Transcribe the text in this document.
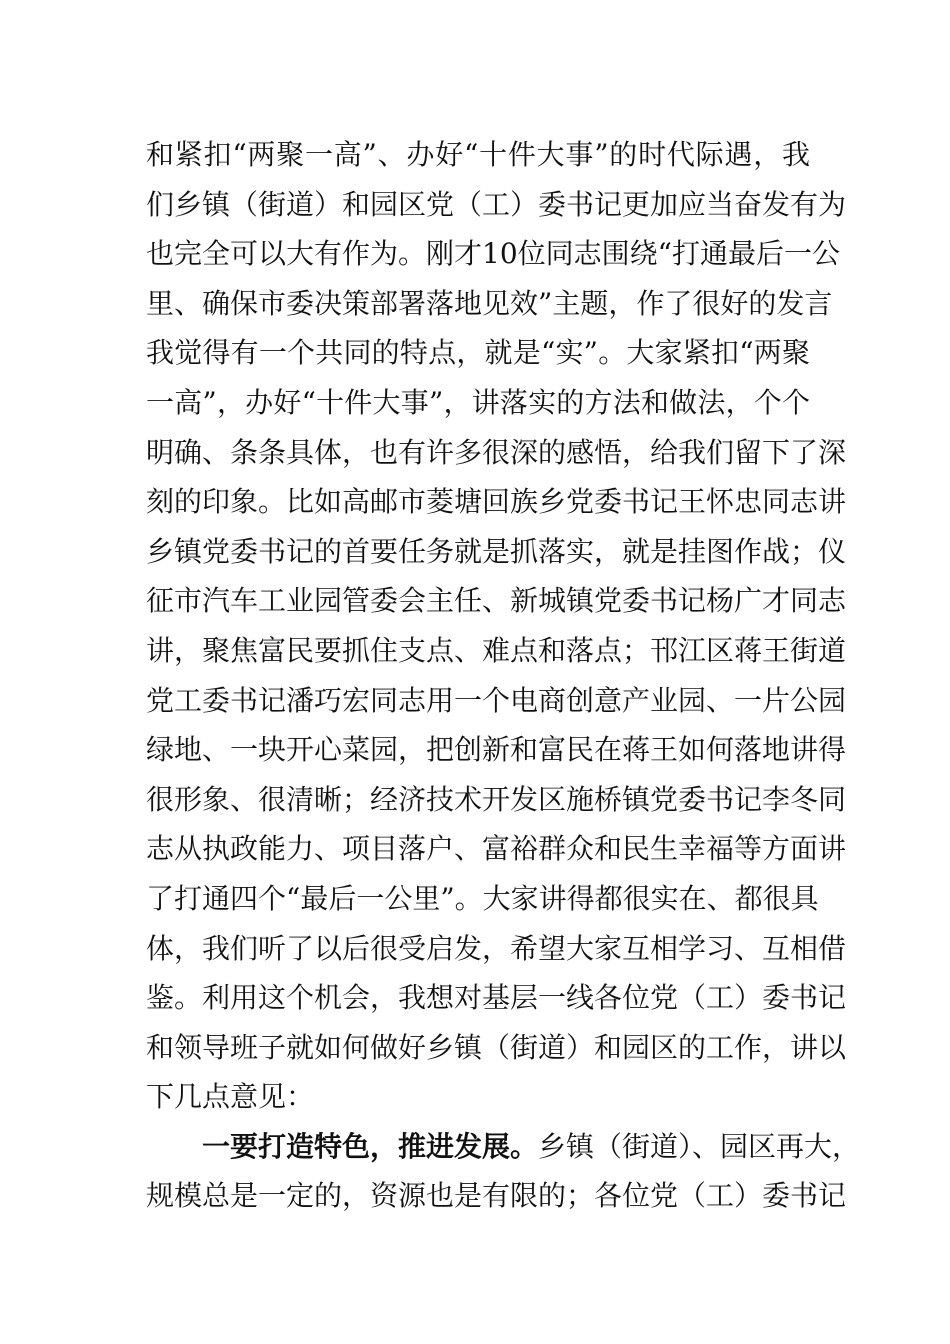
和紧扣“两聚一高”、办好“十件大事”的时代际遇，我
们乡镇（街道）和园区党（工）委书记更加应当奋发有为
也完全可以大有作为。刚才10位同志围绕“打通最后一公
里、确保市委决策部署落地见效”主题，作了很好的发言
我觉得有一个共同的特点，就是“实”。大家紧扣“两聚
一高”，办好“十件大事”，讲落实的方法和做法，个个
明确、条条具体，也有许多很深的感悟，给我们留下了深
刻的印象。比如高邮市菱塘回族乡党委书记王怀忠同志讲
乡镇党委书记的首要任务就是抓落实，就是挂图作战；仪
征市汽车工业园管委会主任、新城镇党委书记杨广才同志
讲，聚焦富民要抓住支点、难点和落点；邗江区蒋王街道
党工委书记潘巧宏同志用一个电商创意产业园、一片公园
绿地、一块开心菜园，把创新和富民在蒋王如何落地讲得
很形象、很清晰；经济技术开发区施桥镇党委书记李冬同
志从执政能力、项目落户、富裕群众和民生幸福等方面讲
了打通四个“最后一公里”。大家讲得都很实在、都很具
体，我们听了以后很受启发，希望大家互相学习、互相借
鉴。利用这个机会，我想对基层一线各位党（工）委书记
和领导班子就如何做好乡镇（街道）和园区的工作，讲以
下几点意见：
一要打造特色，推进发展。乡镇（街道）、园区再大，
规模总是一定的，资源也是有限的；各位党（工）委书记
